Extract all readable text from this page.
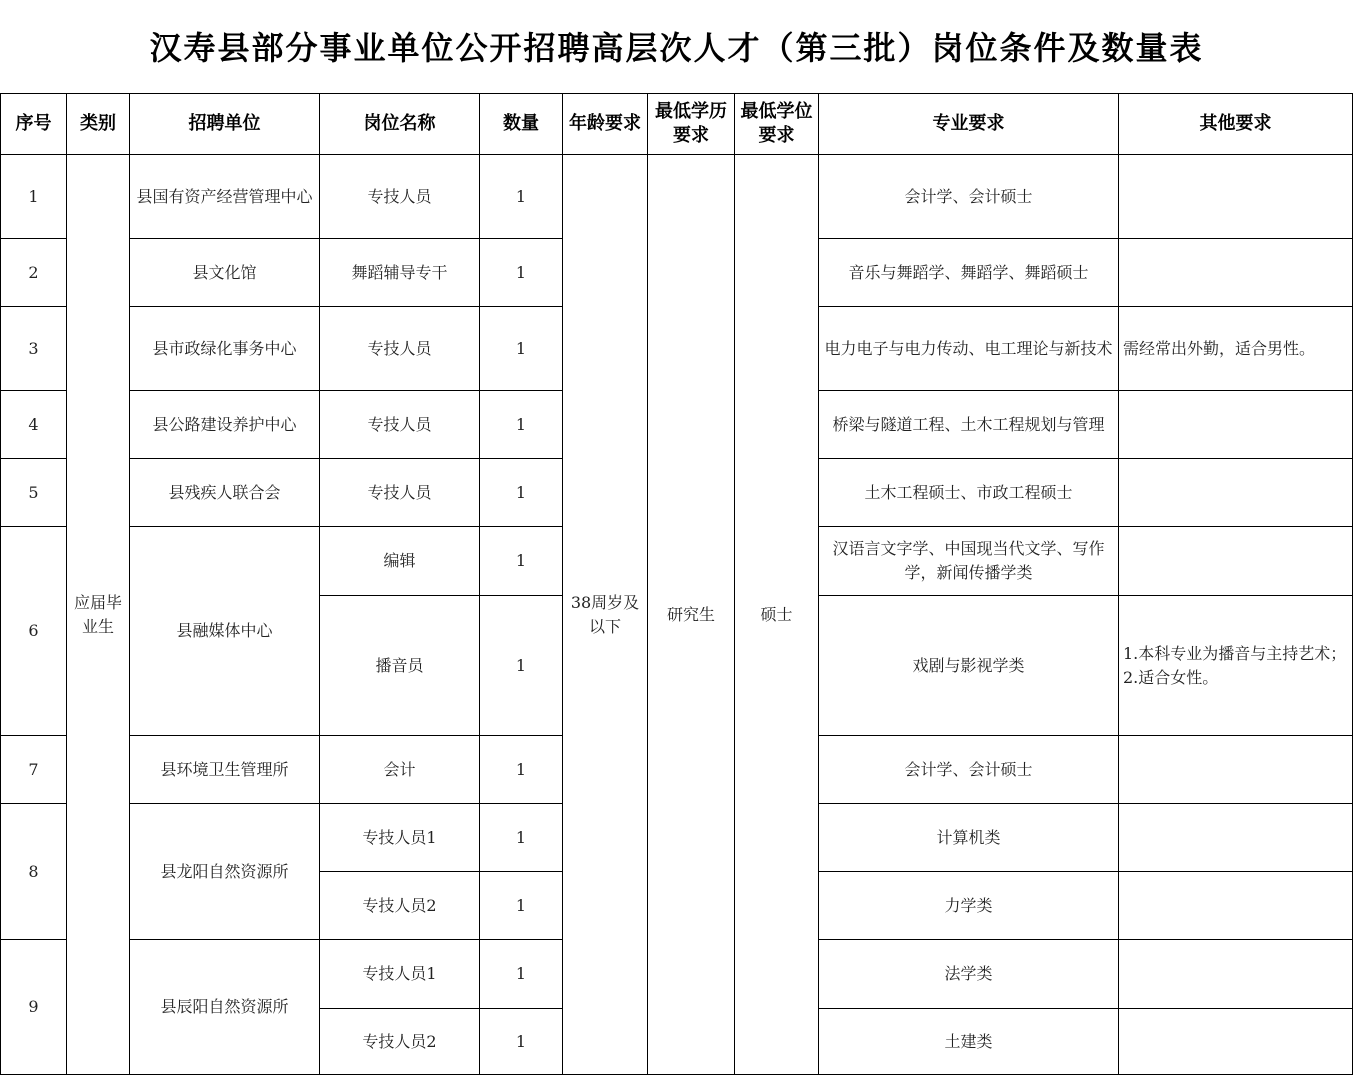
汉寿县部分事业单位公开招聘高层次人才（第三批）岗位条件及数量表
序号	类别	招聘单位	岗位名称	数量	年龄要求	最低学历要求	最低学位要求	专业要求	其他要求
1	应届毕业生	县国有资产经营管理中心	专技人员	1	38周岁及以下	研究生	硕士	会计学、会计硕士	
2		县文化馆	舞蹈辅导专干	1				音乐与舞蹈学、舞蹈学、舞蹈硕士	
3		县市政绿化事务中心	专技人员	1				电力电子与电力传动、电工理论与新技术	需经常出外勤，适合男性。
4		县公路建设养护中心	专技人员	1				桥梁与隧道工程、土木工程规划与管理	
5		县残疾人联合会	专技人员	1				土木工程硕士、市政工程硕士	
6		县融媒体中心	编辑	1				汉语言文字学、中国现当代文学、写作学，新闻传播学类	
			播音员	1				戏剧与影视学类	1.本科专业为播音与主持艺术；
2.适合女性。

7		县环境卫生管理所	会计	1				会计学、会计硕士	
8		县龙阳自然资源所	专技人员1	1				计算机类	
			专技人员2	1				力学类	
9		县辰阳自然资源所	专技人员1	1				法学类	
			专技人员2	1				土建类	
